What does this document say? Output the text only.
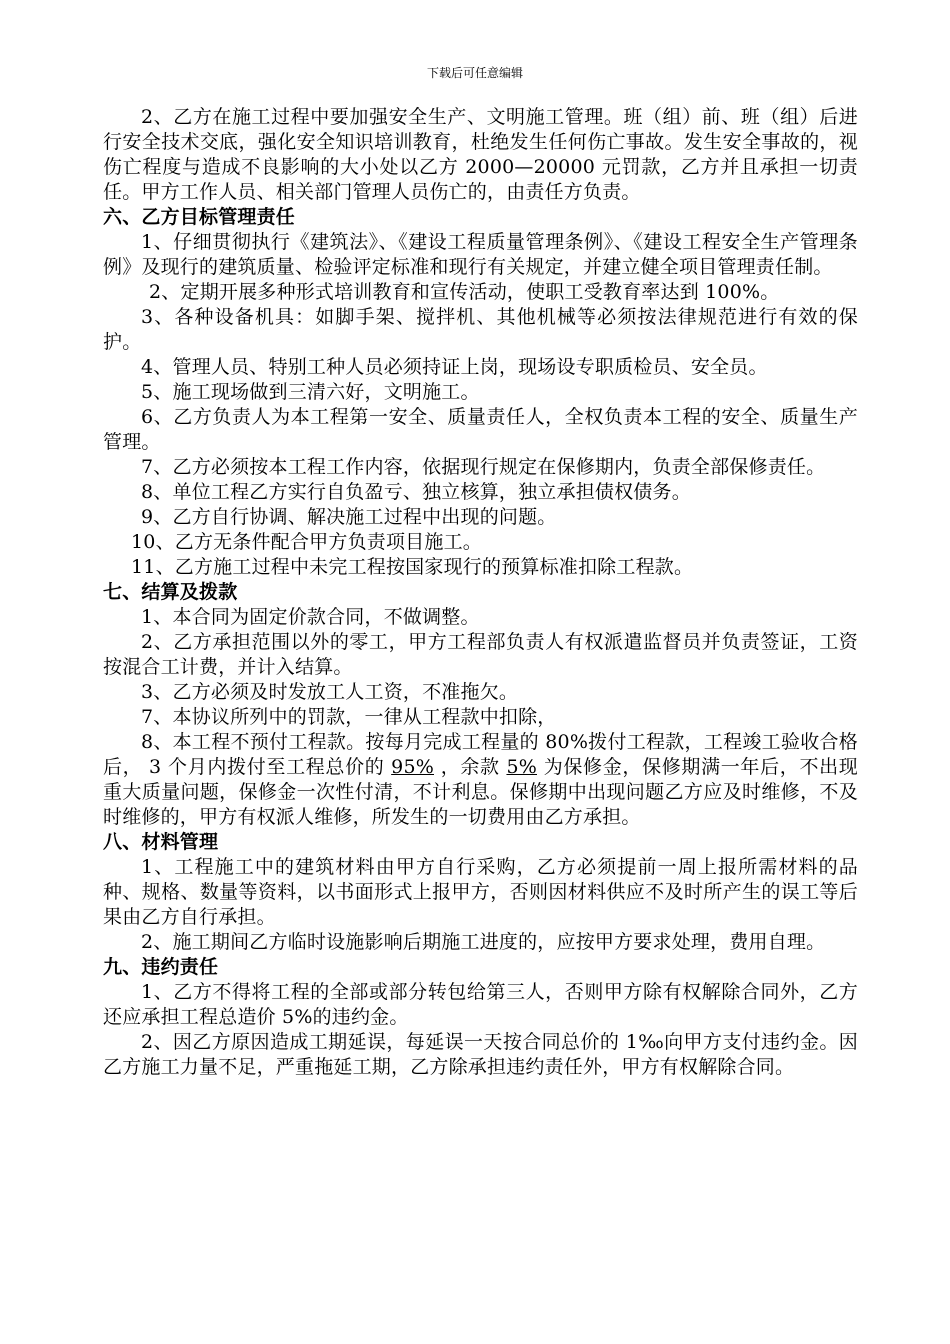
下载后可任意编辑

2、乙方在施工过程中要加强安全生产、文明施工管理。班（组）前、班（组）后进行安全技术交底，强化安全知识培训教育，杜绝发生任何伤亡事故。发生安全事故的，视伤亡程度与造成不良影响的大小处以乙方 2000—20000 元罚款，乙方并且承担一切责任。甲方工作人员、相关部门管理人员伤亡的，由责任方负责。

六、乙方目标管理责任

1、仔细贯彻执行《建筑法》、《建设工程质量管理条例》、《建设工程安全生产管理条例》及现行的建筑质量、检验评定标准和现行有关规定，并建立健全项目管理责任制。

2、定期开展多种形式培训教育和宣传活动，使职工受教育率达到 100%。

3、各种设备机具：如脚手架、搅拌机、其他机械等必须按法律规范进行有效的保护。

4、管理人员、特别工种人员必须持证上岗，现场设专职质检员、安全员。

5、施工现场做到三清六好，文明施工。

6、乙方负责人为本工程第一安全、质量责任人，全权负责本工程的安全、质量生产管理。

7、乙方必须按本工程工作内容，依据现行规定在保修期内，负责全部保修责任。

8、单位工程乙方实行自负盈亏、独立核算，独立承担债权债务。

9、乙方自行协调、解决施工过程中出现的问题。

10、乙方无条件配合甲方负责项目施工。

11、乙方施工过程中未完工程按国家现行的预算标准扣除工程款。

七、结算及拨款

1、本合同为固定价款合同，不做调整。

2、乙方承担范围以外的零工，甲方工程部负责人有权派遣监督员并负责签证，工资按混合工计费，并计入结算。

3、乙方必须及时发放工人工资，不准拖欠。

7、本协议所列中的罚款，一律从工程款中扣除，

8、本工程不预付工程款。按每月完成工程量的 80%拨付工程款，工程竣工验收合格后， 3 个月内拨付至工程总价的 95% ，余款 5% 为保修金，保修期满一年后，不出现重大质量问题，保修金一次性付清，不计利息。保修期中出现问题乙方应及时维修，不及时维修的，甲方有权派人维修，所发生的一切费用由乙方承担。

八、材料管理

1、工程施工中的建筑材料由甲方自行采购，乙方必须提前一周上报所需材料的品种、规格、数量等资料，以书面形式上报甲方，否则因材料供应不及时所产生的误工等后果由乙方自行承担。

2、施工期间乙方临时设施影响后期施工进度的，应按甲方要求处理，费用自理。

九、违约责任

1、乙方不得将工程的全部或部分转包给第三人，否则甲方除有权解除合同外，乙方还应承担工程总造价 5%的违约金。

2、因乙方原因造成工期延误，每延误一天按合同总价的 1‰向甲方支付违约金。因乙方施工力量不足，严重拖延工期，乙方除承担违约责任外，甲方有权解除合同。
